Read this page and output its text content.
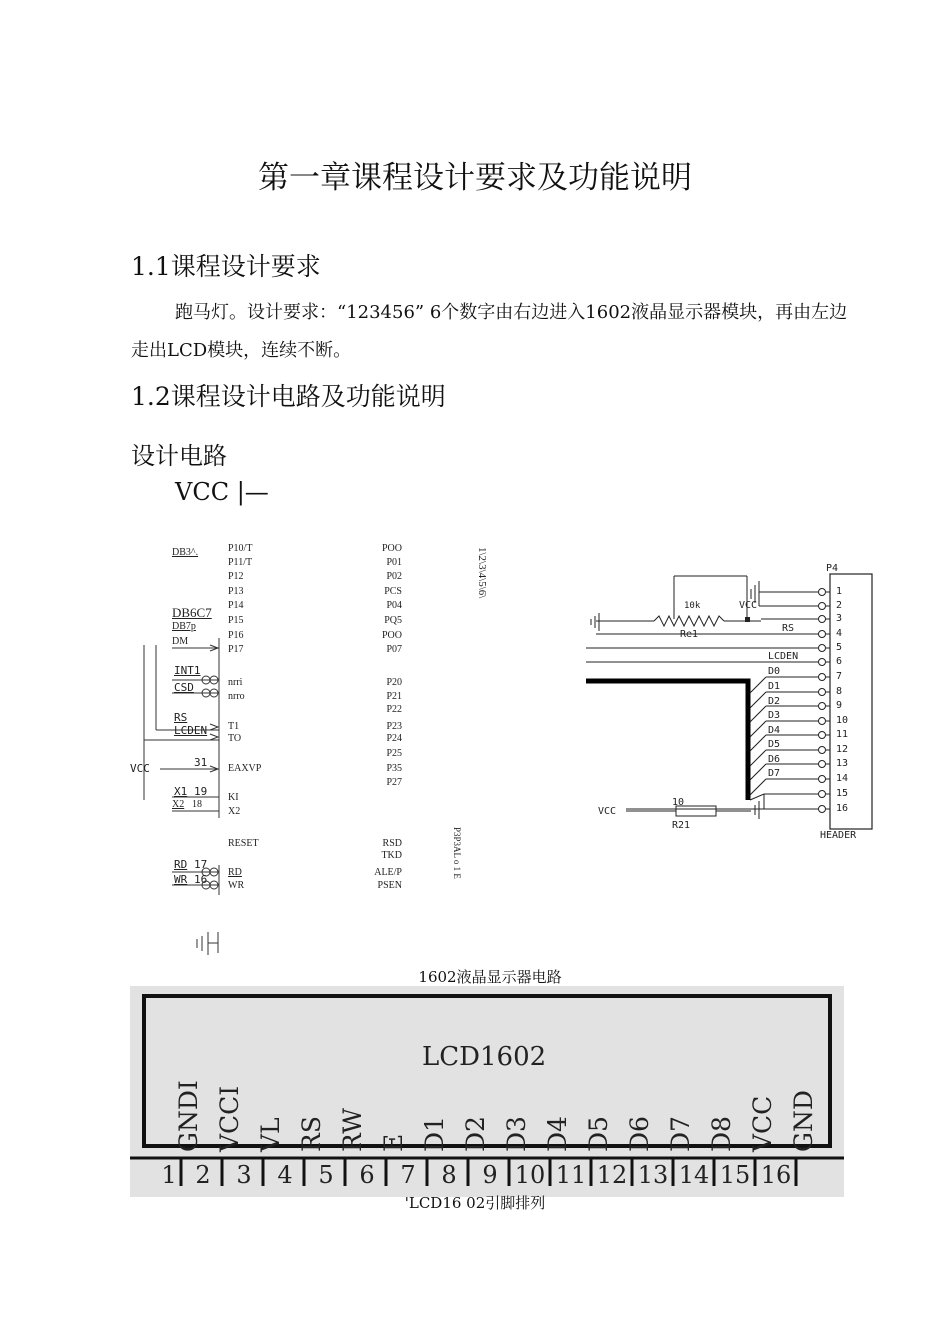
第一章课程设计要求及功能说明
1.1课程设计要求
跑马灯。设计要求：“123456” 6个数字由右边进入1602液晶显示器模块，再由左边走出LCD模块，连续不断。
1.2课程设计电路及功能说明
设计电路
VCC |—
DB3^.
DB6C7
DB7p
DM
INT1
CSD
RS
LCDEN
VCC	31
X1 19
X2 18
RD 17
WR 16
P10/T
P11/T
P12
P13
P14
P15
P16
P17
nrri
nrro
T1
TO
EAXVP
KI
X2
RESET
RD
WR
POO
P01
P02
PCS
P04
PQ5
POO
P07
P20
P21
P22
P23
P24
P25
P35
P27
RSD
TKD
ALE/P
PSEN
1\2\3\4\5\6\
P3P3AL o 1 E
P4
HEADER
VCC
10k
Re1
10
R21
VCC
RS
LCDEN
D0
D1
D2
D3
D4
D5
D6
D7
1
2
3
4
5
6
7
8
9
10
11
12
13
14
15
16
1602液晶显示器电路
LCD1602
GNDI VCCI VL RS RW E D1 D2 D3 D4 D5 D6 D7 D8 VCC GND
1 2 3 4 5 6 7 8 9 10 11 12 13 14 15 16
'LCD16 02引脚排列
